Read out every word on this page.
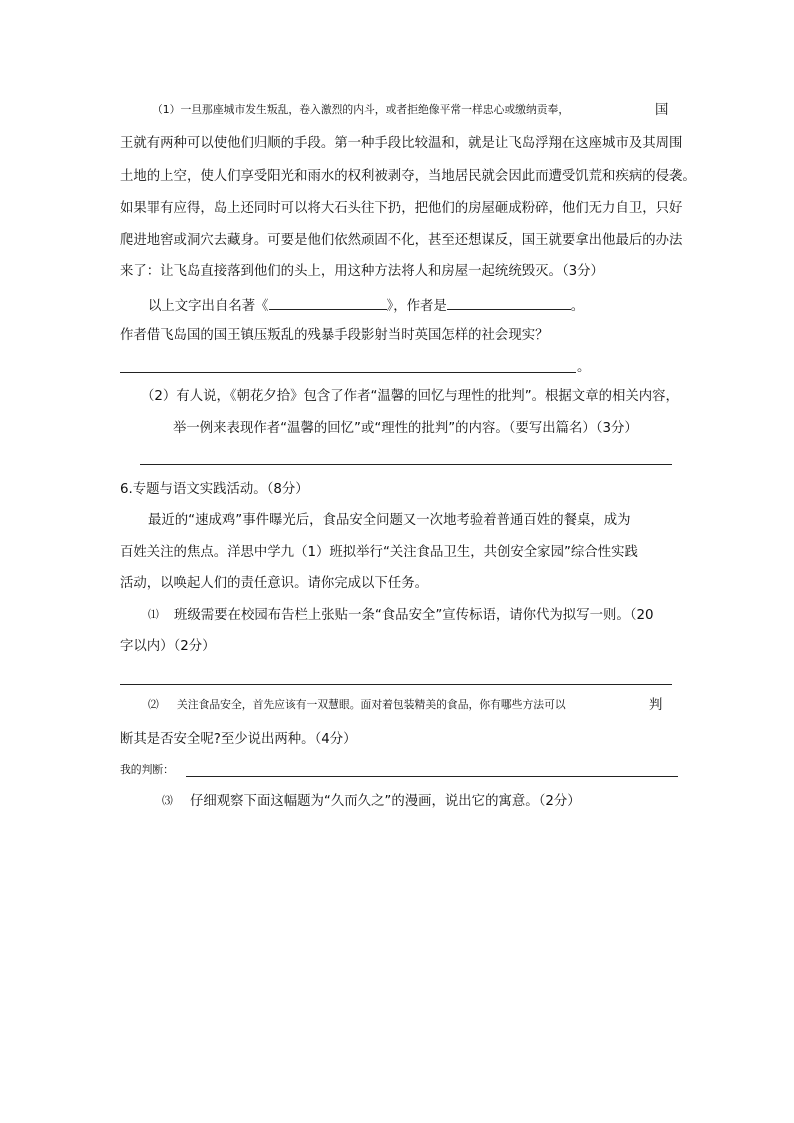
（1）一旦那座城市发生叛乱，卷入激烈的内斗，或者拒绝像平常一样忠心或缴纳贡奉，	国
王就有两种可以使他们归顺的手段。第一种手段比较温和，就是让飞岛浮翔在这座城市及其周围
土地的上空，使人们享受阳光和雨水的权利被剥夺，当地居民就会因此而遭受饥荒和疾病的侵袭。
如果罪有应得，岛上还同时可以将大石头往下扔，把他们的房屋砸成粉碎，他们无力自卫，只好
爬进地窖或洞穴去藏身。可要是他们依然顽固不化，甚至还想谋反，国王就要拿出他最后的办法
来了：让飞岛直接落到他们的头上，用这种方法将人和房屋一起统统毁灭。（3分）
以上文字出自名著《	》，作者是	。
作者借飞岛国的国王镇压叛乱的残暴手段影射当时英国怎样的社会现实？
。
（2）有人说，《朝花夕拾》包含了作者“温馨的回忆与理性的批判”。根据文章的相关内容，
举一例来表现作者“温馨的回忆”或“理性的批判”的内容。（要写出篇名）（3分）
6.专题与语文实践活动。（8分）
最近的“速成鸡”事件曝光后，食品安全问题又一次地考验着普通百姓的餐桌，成为
百姓关注的焦点。洋思中学九（1）班拟举行“关注食品卫生，共创安全家园”综合性实践
活动，以唤起人们的责任意识。请你完成以下任务。
⑴ 班级需要在校园布告栏上张贴一条“食品安全”宣传标语，请你代为拟写一则。（20
字以内）（2分）
⑵ 关注食品安全，首先应该有一双慧眼。面对着包装精美的食品，你有哪些方法可以	判
断其是否安全呢?至少说出两种。（4分）
我的判断：
⑶ 仔细观察下面这幅题为“久而久之”的漫画，说出它的寓意。（2分）
